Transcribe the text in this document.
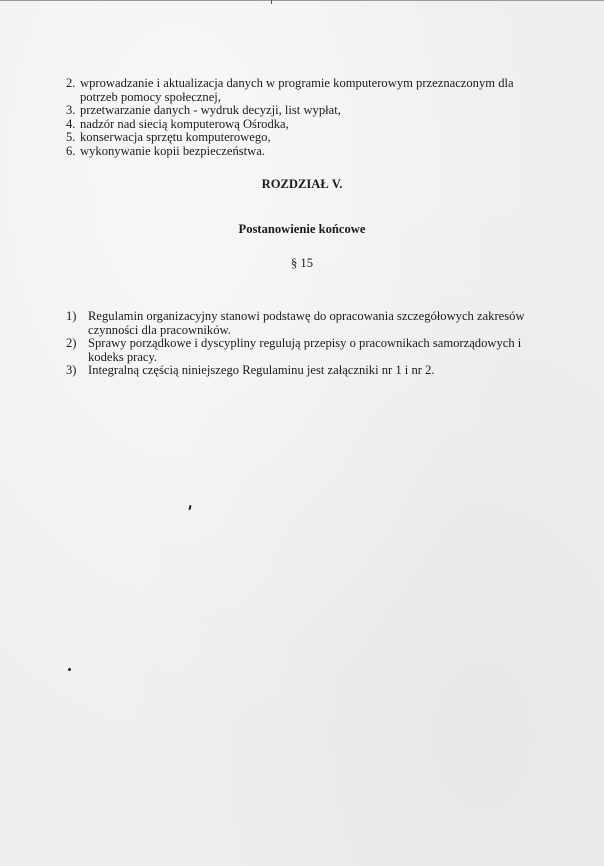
2. wprowadzanie i aktualizacja danych w programie komputerowym przeznaczonym dla potrzeb pomocy społecznej,
3. przetwarzanie danych - wydruk decyzji, list wypłat,
4. nadzór nad siecią komputerową Ośrodka,
5. konserwacja sprzętu komputerowego,
6. wykonywanie kopii bezpieczeństwa.
ROZDZIAŁ V.
Postanowienie końcowe
§ 15
1) Regulamin organizacyjny stanowi podstawę do opracowania szczegółowych zakresów czynności dla pracowników.
2) Sprawy porządkowe i dyscypliny regulują przepisy o pracownikach samorządowych i kodeks pracy.
3) Integralną częścią niniejszego Regulaminu jest załączniki nr 1 i nr 2.
